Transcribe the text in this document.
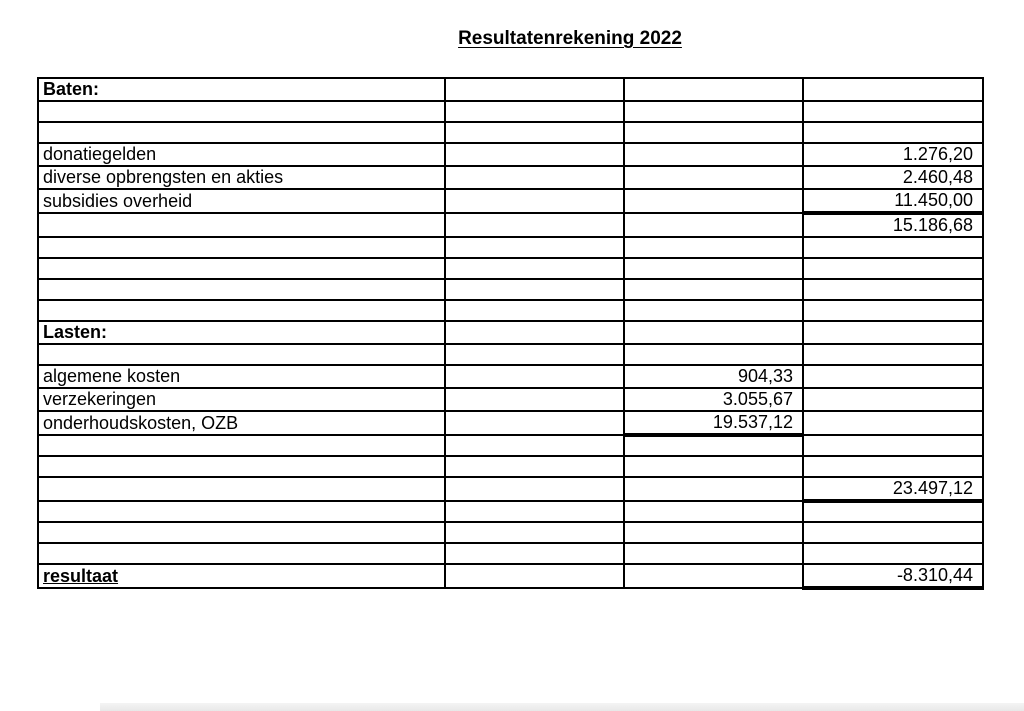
Resultatenrekening 2022
Baten:			

donatiegelden			1.276,20
diverse opbrengsten en akties			2.460,48
subsidies overheid			11.450,00
			15.186,68

Lasten:			

algemene kosten		904,33	
verzekeringen		3.055,67	
onderhoudskosten, OZB		19.537,12	

			23.497,12

resultaat			-8.310,44
